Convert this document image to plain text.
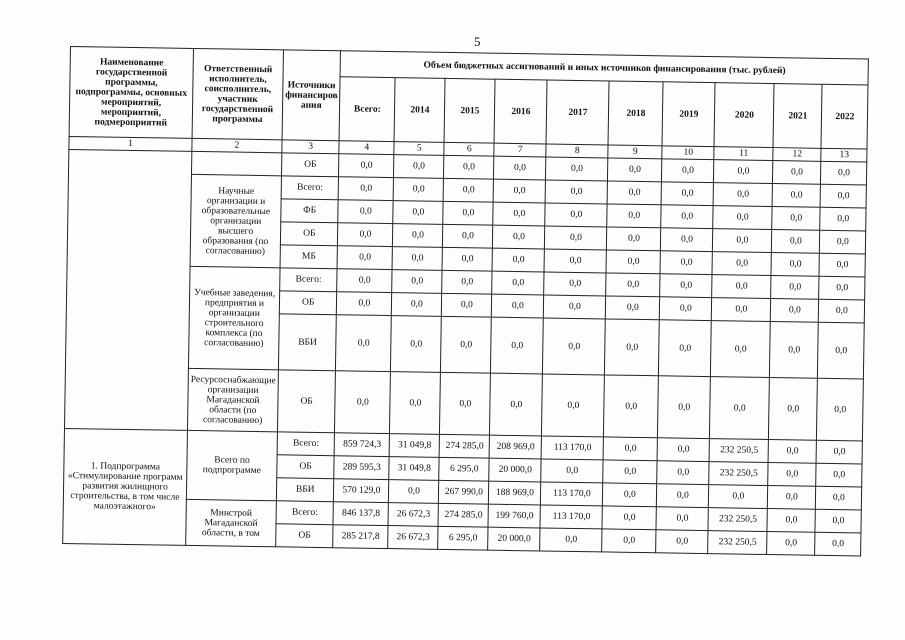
5
Наименование государственной программы, подпрограммы, основных мероприятий, мероприятий, подмероприятий	Ответственный исполнитель, соисполнитель, участник государственной программы	Источники финансиров ания	Объем бюджетных ассигнований и иных источников финансирования (тыс. рублей)									
			Всего:	2014	2015	2016	2017	2018	2019	2020	2021	2022
1	2	3	4	5	6	7	8	9	10	11	12	13
		ОБ	0,0	0,0	0,0	0,0	0,0	0,0	0,0	0,0	0,0	0,0
	Научные организации и образовательные организации высшего образования (по согласованию)	Всего:	0,0	0,0	0,0	0,0	0,0	0,0	0,0	0,0	0,0	0,0
		ФБ	0,0	0,0	0,0	0,0	0,0	0,0	0,0	0,0	0,0	0,0
		ОБ	0,0	0,0	0,0	0,0	0,0	0,0	0,0	0,0	0,0	0,0
		МБ	0,0	0,0	0,0	0,0	0,0	0,0	0,0	0,0	0,0	0,0
	Учебные заведения, предприятия и организации строительного комплекса (по согласованию)	Всего:	0,0	0,0	0,0	0,0	0,0	0,0	0,0	0,0	0,0	0,0
		ОБ	0,0	0,0	0,0	0,0	0,0	0,0	0,0	0,0	0,0	0,0
		ВБИ	0,0	0,0	0,0	0,0	0,0	0,0	0,0	0,0	0,0	0,0
	Ресурсоснабжающие организации Магаданской области (по согласованию)	ОБ	0,0	0,0	0,0	0,0	0,0	0,0	0,0	0,0	0,0	0,0
1. Подпрограмма «Стимулирование программ развития жилищного строительства, в том числе малоэтажного»	Всего по подпрограмме	Всего:	859 724,3	31 049,8	274 285,0	208 969,0	113 170,0	0,0	0,0	232 250,5	0,0	0,0
		ОБ	289 595,3	31 049,8	6 295,0	20 000,0	0,0	0,0	0,0	232 250,5	0,0	0,0
		ВБИ	570 129,0	0,0	267 990,0	188 969,0	113 170,0	0,0	0,0	0,0	0,0	0,0
	Минстрой Магаданской области, в том	Всего:	846 137,8	26 672,3	274 285,0	199 760,0	113 170,0	0,0	0,0	232 250,5	0,0	0,0
		ОБ	285 217,8	26 672,3	6 295,0	20 000,0	0,0	0,0	0,0	232 250,5	0,0	0,0
